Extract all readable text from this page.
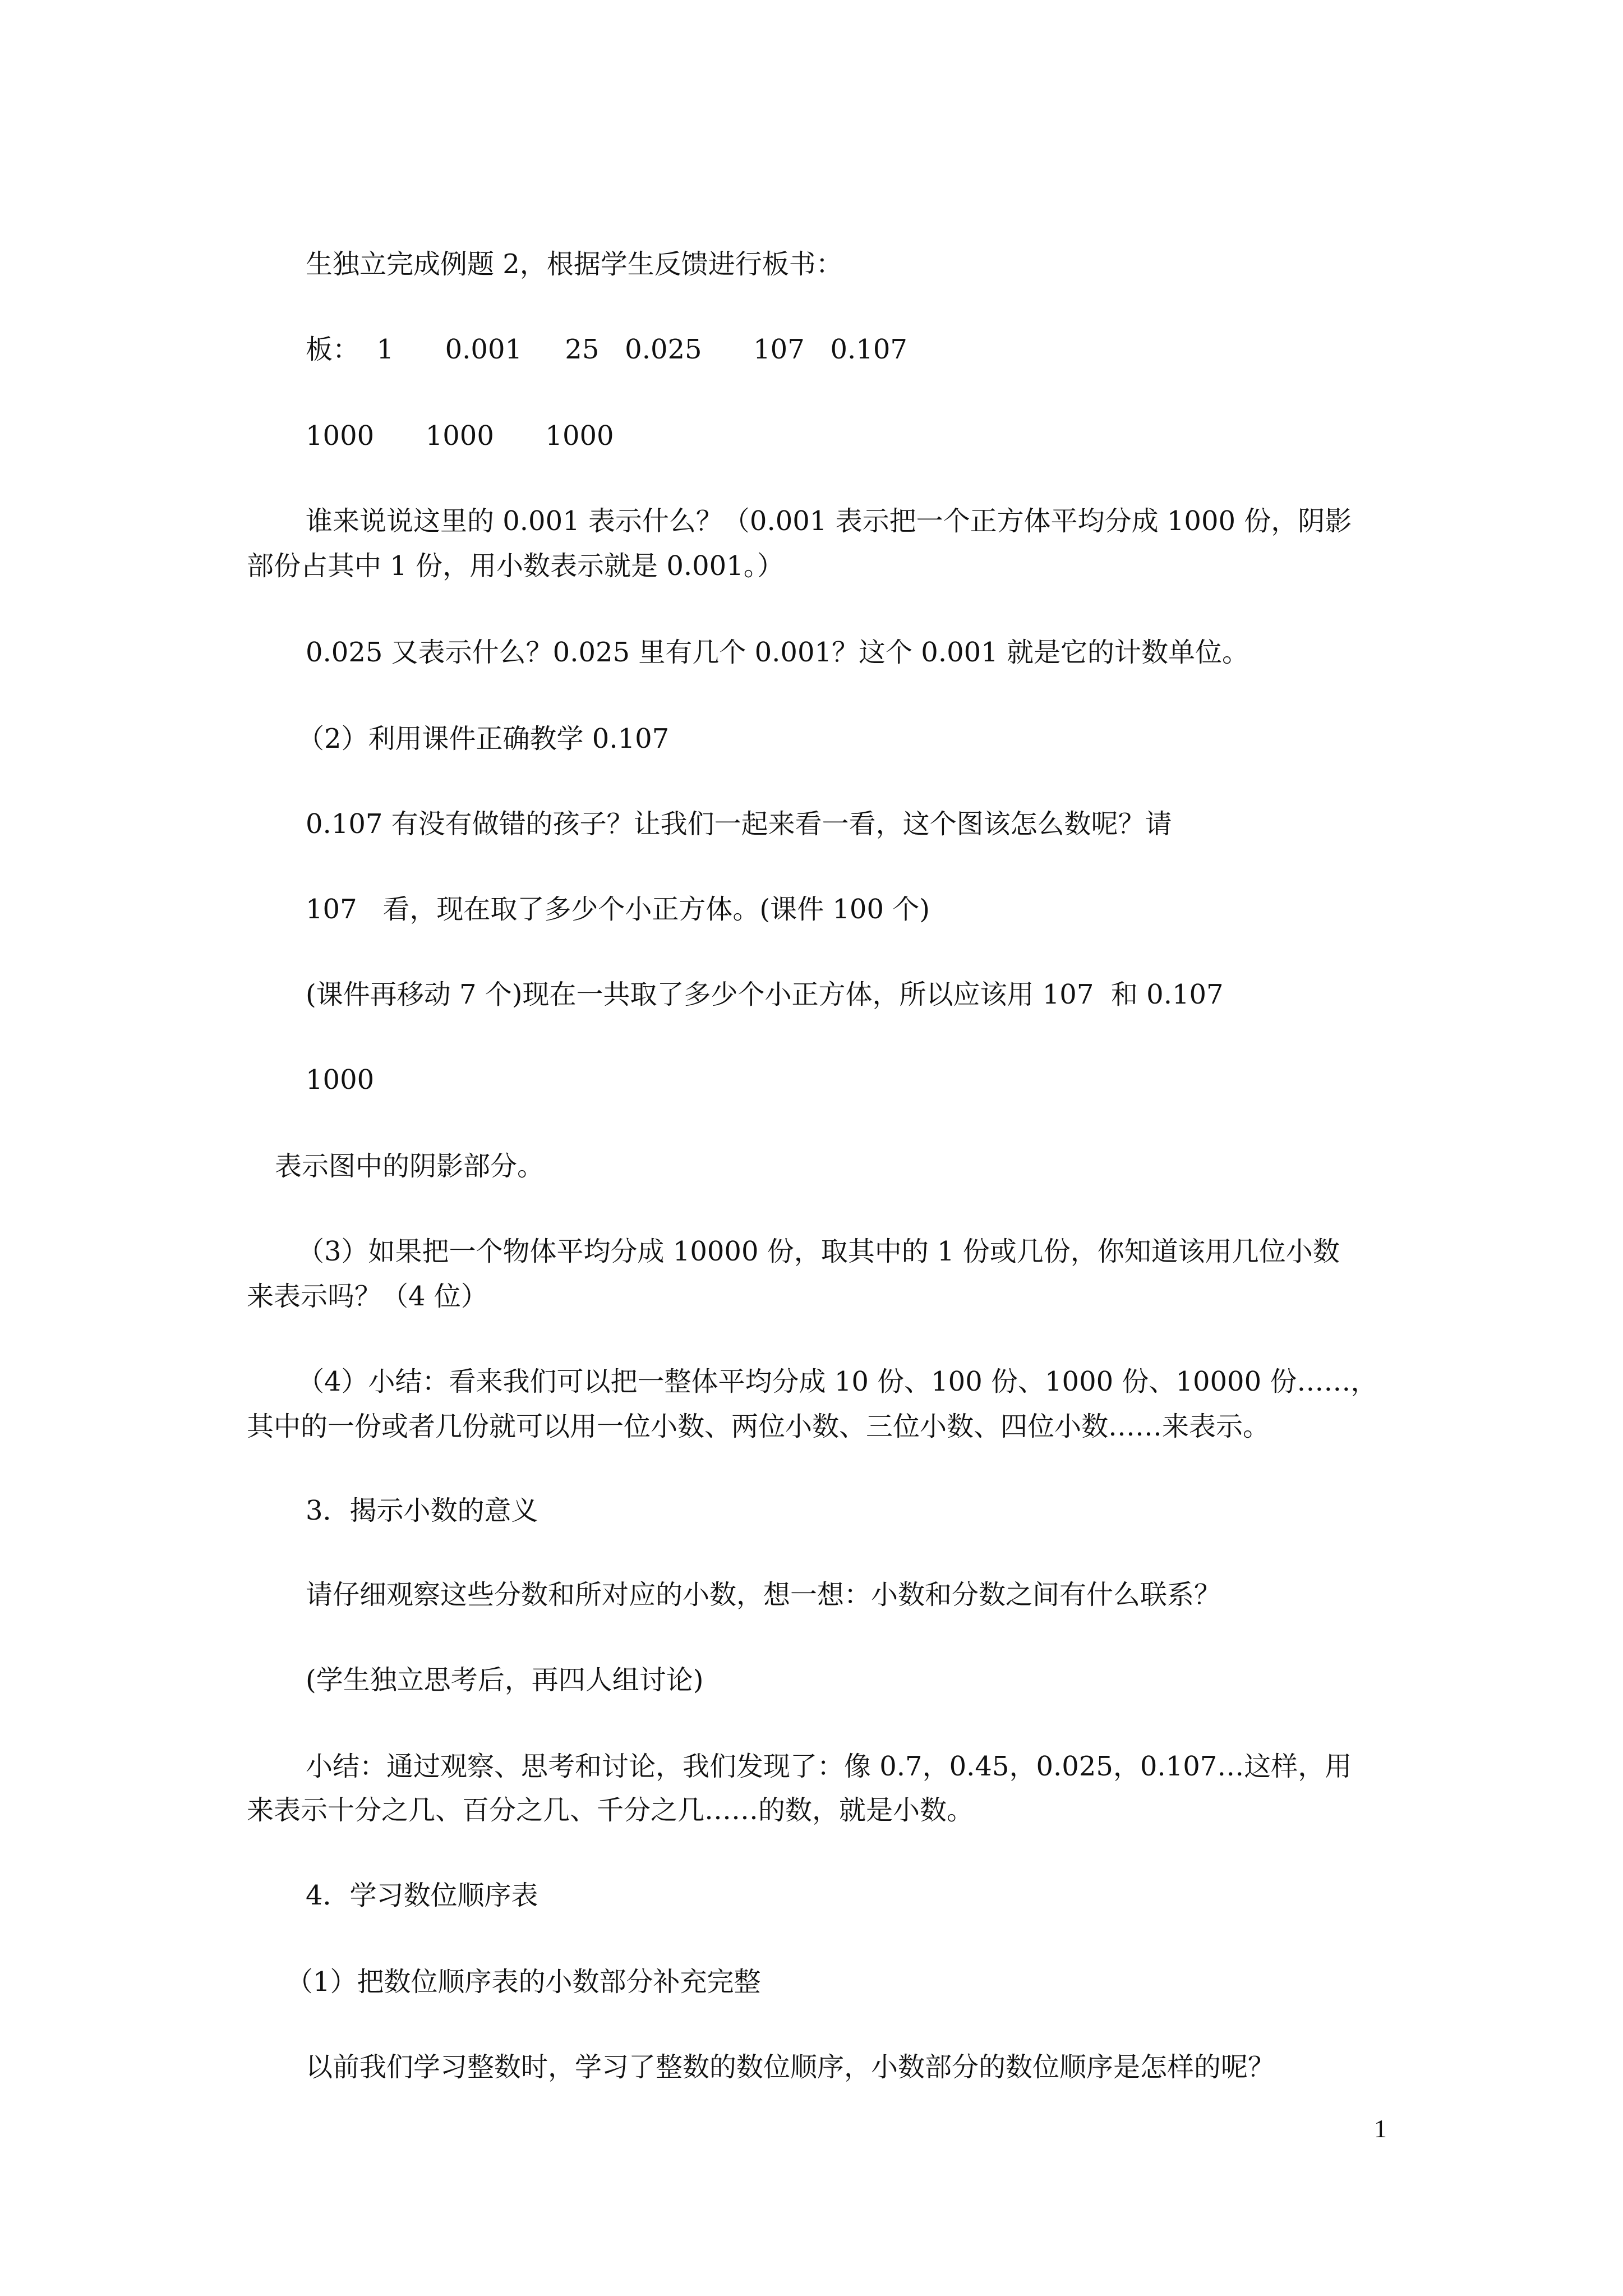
生独立完成例题 2，根据学生反馈进行板书：
板：  1      0.001     25   0.025      107   0.107
1000      1000      1000
谁来说说这里的 0.001 表示什么？（0.001 表示把一个正方体平均分成 1000 份，阴影
部份占其中 1 份，用小数表示就是 0.001。）
0.025 又表示什么？0.025 里有几个 0.001？这个 0.001 就是它的计数单位。
（2）利用课件正确教学 0.107
0.107 有没有做错的孩子？让我们一起来看一看，这个图该怎么数呢？请
107   看，现在取了多少个小正方体。(课件 100 个)
(课件再移动 7 个)现在一共取了多少个小正方体，所以应该用 107  和 0.107
1000
表示图中的阴影部分。
（3）如果把一个物体平均分成 10000 份，取其中的 1 份或几份，你知道该用几位小数
来表示吗？（4 位）
（4）小结：看来我们可以把一整体平均分成 10 份、100 份、1000 份、10000 份……，
其中的一份或者几份就可以用一位小数、两位小数、三位小数、四位小数……来表示。
3．揭示小数的意义
请仔细观察这些分数和所对应的小数，想一想：小数和分数之间有什么联系？
(学生独立思考后，再四人组讨论)
小结：通过观察、思考和讨论，我们发现了：像 0.7，0.45，0.025，0.107…这样，用
来表示十分之几、百分之几、千分之几……的数，就是小数。
4．学习数位顺序表
（1）把数位顺序表的小数部分补充完整
以前我们学习整数时，学习了整数的数位顺序，小数部分的数位顺序是怎样的呢？
1
